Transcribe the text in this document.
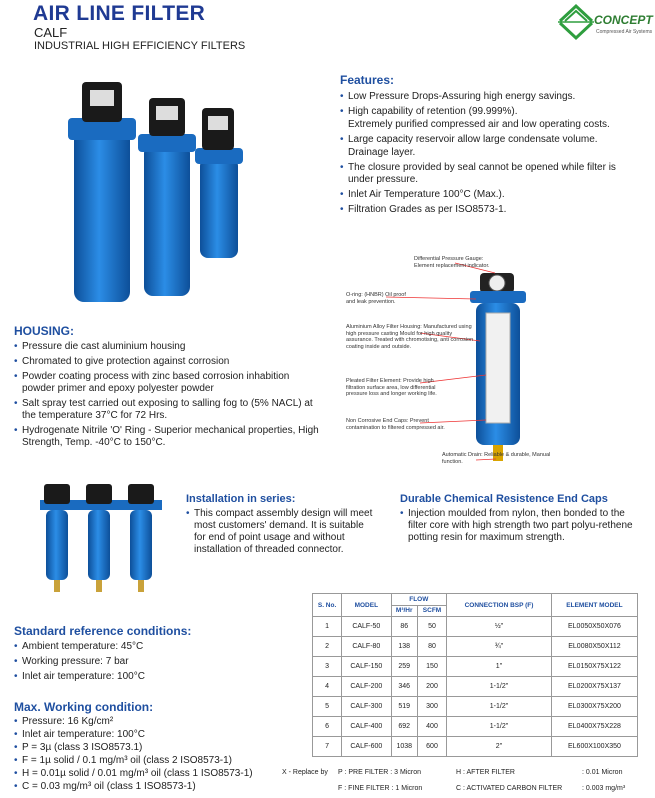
AIR LINE FILTER
CALF
INDUSTRIAL HIGH EFFICIENCY FILTERS
CONCEPT
Compressed Air Systems
Features:
• Low Pressure Drops-Assuring high energy savings.
• High capability of retention (99.999%).
Extremely purified compressed air and low operating costs.
• Large capacity reservoir allow large condensate volume.
Drainage layer.
• The closure provided by seal cannot be opened while filter is under pressure.
• Inlet Air Temperature 100°C (Max.).
• Filtration Grades as per ISO8573-1.
Differential Pressure Gauge: Element replacement indicator.
O-ring: (HNBR) Oil proof and leak prevention.
Aluminium Alloy Filter Housing: Manufactured using high pressure casting Mould for high quality assurance. Treated with chromotising, anti corrosion coating inside and outside.
Pleated Filter Element: Provide high filtration surface area, low differential pressure loss and longer working life.
Non Corrosive End Caps: Prevent contamination to filtered compressed air.
Automatic Drain: Reliable & durable, Manual function.
HOUSING:
• Pressure die cast aluminium housing
• Chromated to give protection against corrosion
• Powder coating process with zinc based corrosion inhabition powder primer and epoxy polyester powder
• Salt spray test carried out exposing to salling fog to (5% NACL) at the temperature 37°C for 72 Hrs.
• Hydrogenate Nitrile 'O' Ring - Superior mechanical properties, High Strength, Temp. -40°C to 150°C.
Installation in series:
• This compact assembly design will meet most customers' demand. It is suitable for end of point usage and without installation of threaded connector.
Durable Chemical Resistence End Caps
• Injection moulded from nylon, then bonded to the filter core with high strength two part polyu-rethene potting resin for maximum strength.
Standard reference conditions:
• Ambient temperature: 45°C
• Working pressure: 7 bar
• Inlet air temperature: 100°C
Max. Working condition:
• Pressure: 16 Kg/cm²
• Inlet air temperature: 100°C
• P = 3µ (class 3 ISO8573.1)
• F = 1µ solid / 0.1 mg/m³ oil (class 2 ISO8573-1)
• H = 0.01µ solid / 0.01 mg/m³ oil (class 1 ISO8573-1)
• C = 0.03 mg/m³ oil (class 1 ISO8573-1)
S. No.	MODEL	FLOW		CONNECTION BSP (F)	ELEMENT MODEL
		M³/Hr	SCFM		
1	CALF-50	86	50	½"	EL0050X50X076
2	CALF-80	138	80	¾"	EL0080X50X112
3	CALF-150	259	150	1"	EL0150X75X122
4	CALF-200	346	200	1-1/2"	EL0200X75X137
5	CALF-300	519	300	1-1/2"	EL0300X75X200
6	CALF-400	692	400	1-1/2"	EL0400X75X228
7	CALF-600	1038	600	2"	EL600X100X350
X - Replace by P : PRE FILTER : 3 Micron	H : AFTER FILTER	: 0.01 Micron
F : FINE FILTER : 1 Micron	C : ACTIVATED CARBON FILTER	: 0.003 mg/m³
